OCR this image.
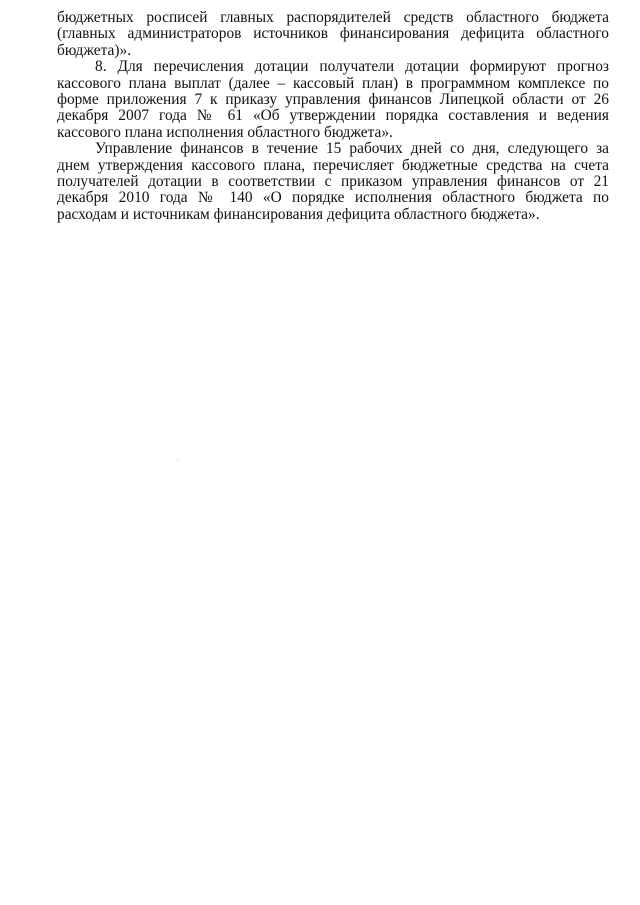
бюджетных росписей главных распорядителей средств областного бюджета
(главных администраторов источников финансирования дефицита областного
бюджета)».
8. Для перечисления дотации получатели дотации формируют прогноз
кассового плана выплат (далее – кассовый план) в программном комплексе по
форме приложения 7 к приказу управления финансов Липецкой области от 26
декабря 2007 года № 61 «Об утверждении порядка составления и ведения
кассового плана исполнения областного бюджета».
Управление финансов в течение 15 рабочих дней со дня, следующего за
днем утверждения кассового плана, перечисляет бюджетные средства на счета
получателей дотации в соответствии с приказом управления финансов от 21
декабря 2010 года № 140 «О порядке исполнения областного бюджета по
расходам и источникам финансирования дефицита областного бюджета».
